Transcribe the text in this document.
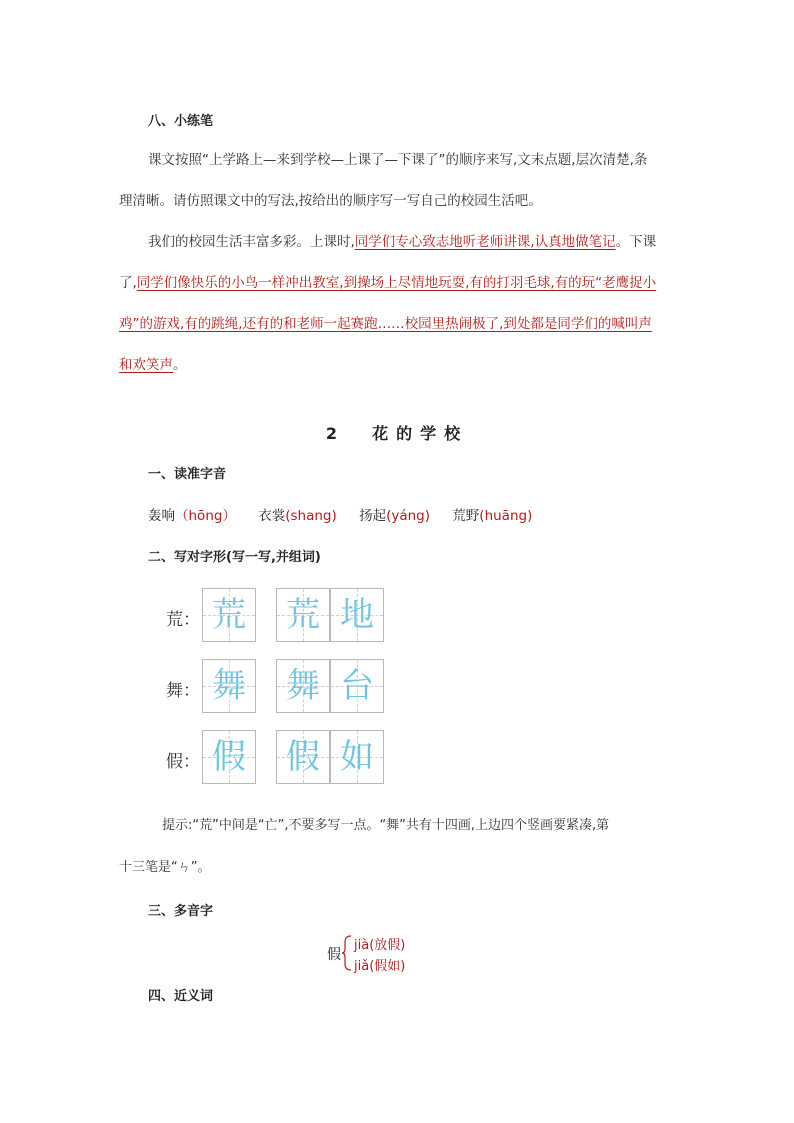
八、小练笔
课文按照“上学路上—来到学校—上课了—下课了”的顺序来写,文末点题,层次清楚,条
理清晰。请仿照课文中的写法,按给出的顺序写一写自己的校园生活吧。
我们的校园生活丰富多彩。上课时,同学们专心致志地听老师讲课,认真地做笔记。下课
了,同学们像快乐的小鸟一样冲出教室,到操场上尽情地玩耍,有的打羽毛球,有的玩“老鹰捉小
鸡”的游戏,有的跳绳,还有的和老师一起赛跑……校园里热闹极了,到处都是同学们的喊叫声
和欢笑声。
2  花的学校
一、读准字音
轰响（hōng） 衣裳(shang) 扬起(yáng) 荒野(huāng)
二、写对字形(写一写,并组词)
荒： 荒 荒 地
舞： 舞 舞 台
假： 假 假 如
提示:“荒”中间是“亡”,不要多写一点。“舞”共有十四画,上边四个竖画要紧凑,第
十三笔是“ㄣ”。
三、多音字
假
jià(放假)
jiǎ(假如)
四、近义词
